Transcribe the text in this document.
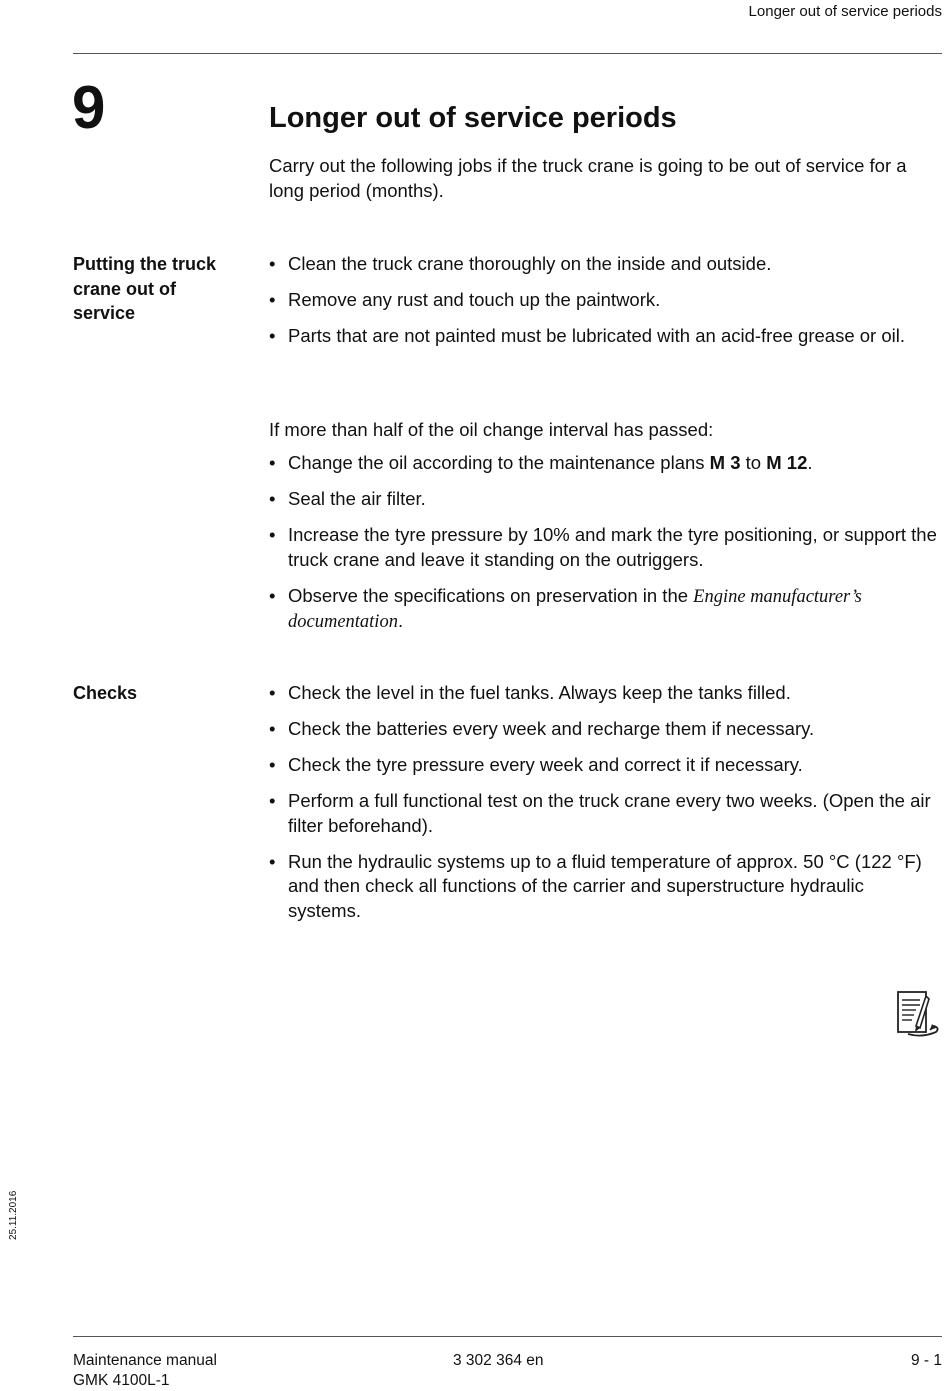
Longer out of service periods
9	Longer out of service periods

Carry out the following jobs if the truck crane is going to be out of service for a long period (months).

Putting the truck crane out of service
• Clean the truck crane thoroughly on the inside and outside.
• Remove any rust and touch up the paintwork.
• Parts that are not painted must be lubricated with an acid-free grease or oil.

If more than half of the oil change interval has passed:

• Change the oil according to the maintenance plans M 3 to M 12.
• Seal the air filter.
• Increase the tyre pressure by 10% and mark the tyre positioning, or support the truck crane and leave it standing on the outriggers.
• Observe the specifications on preservation in the Engine manufacturer’s documentation.
Checks
•	Check the level in the fuel tanks. Always keep the tanks filled.
• Check the batteries every week and recharge them if necessary.
• Check the tyre pressure every week and correct it if necessary.
• Perform a full functional test on the truck crane every two weeks. (Open the air filter beforehand).
• Run the hydraulic systems up to a fluid temperature of approx. 50 °C (122 °F) and then check all functions of the carrier and superstructure hydraulic systems.
25.11.2016
Maintenance manual
GMK 4100L-1
3 302 364 en	9 - 1
